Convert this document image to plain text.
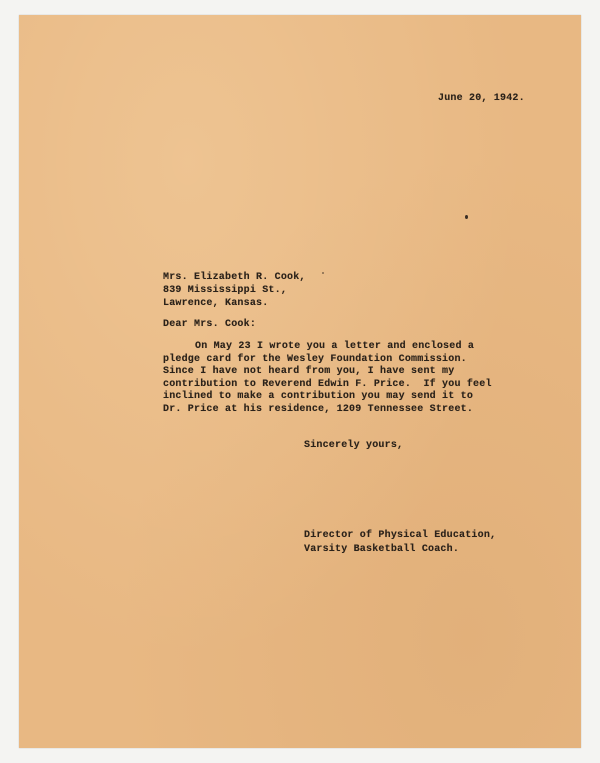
June 20, 1942.
Mrs. Elizabeth R. Cook,
839 Mississippi St.,
Lawrence, Kansas.
Dear Mrs. Cook:
On May 23 I wrote you a letter and enclosed a
pledge card for the Wesley Foundation Commission.
Since I have not heard from you, I have sent my
contribution to Reverend Edwin F. Price.  If you feel
inclined to make a contribution you may send it to
Dr. Price at his residence, 1209 Tennessee Street.
Sincerely yours,
Director of Physical Education,
Varsity Basketball Coach.
